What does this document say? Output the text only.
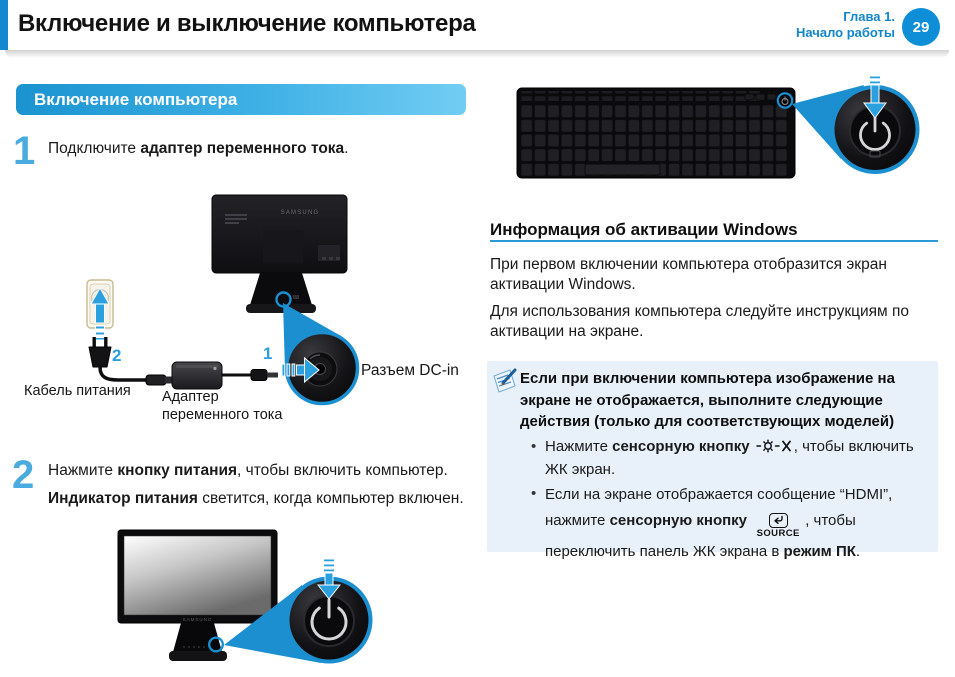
Включение и выключение компьютера	Глава 1.
Начало работы 29
Включение компьютера
1 Подключите адаптер переменного тока.
SAMSUNG
2	1
Кабель питания Адаптер
переменного тока
Разъем DC-in
2 Нажмите кнопку питания, чтобы включить компьютер.
Индикатор питания светится, когда компьютер включен.
SAMSUNG
Информация об активации Windows
При первом включении компьютера отобразится экран активации Windows.
Для использования компьютера следуйте инструкциям по активации на экране.
Если при включении компьютера изображение на экране не отображается, выполните следующие действия (только для соответствующих моделей)
• Нажмите сенсорную кнопку	, чтобы включить ЖК экран.
• Если на экране отображается сообщение “HDMI”, нажмите сенсорную кнопку
SOURCE
, чтобы переключить панель ЖК экрана в режим ПК.
